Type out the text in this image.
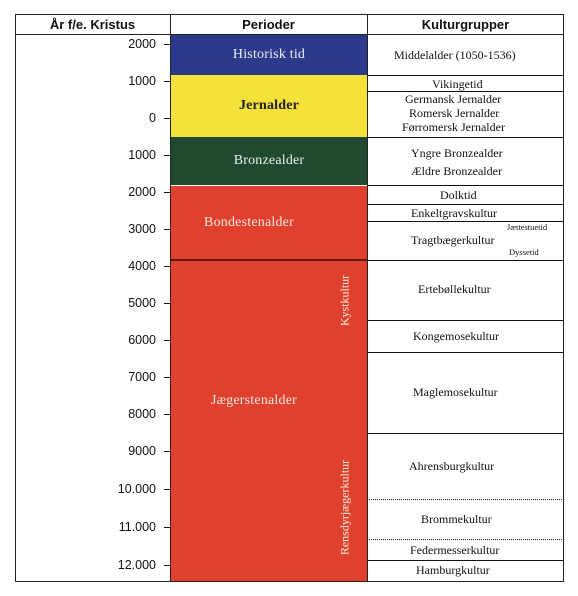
År f/e. Kristus	Perioder	Kulturgrupper
Historisk tid
Jernalder
Bronzealder
Bondestenalder
Jægerstenalder
Kystkultur
Rensdyrjægerkultur
2000
1000
0
1000
2000
3000
4000
5000
6000
7000
8000
9000
10.000
11.000
12.000
Middelalder (1050-1536)
Vikingetid
Germansk Jernalder
Romersk Jernalder
Førromersk Jernalder
Yngre Bronzealder
Ældre Bronzealder
Dolktid
Enkeltgravskultur
Jættestuetid
Tragtbægerkultur
Dyssetid
Ertebøllekultur
Kongemosekultur
Maglemosekultur
Ahrensburgkultur
Brommekultur
Federmesserkultur
Hamburgkultur
